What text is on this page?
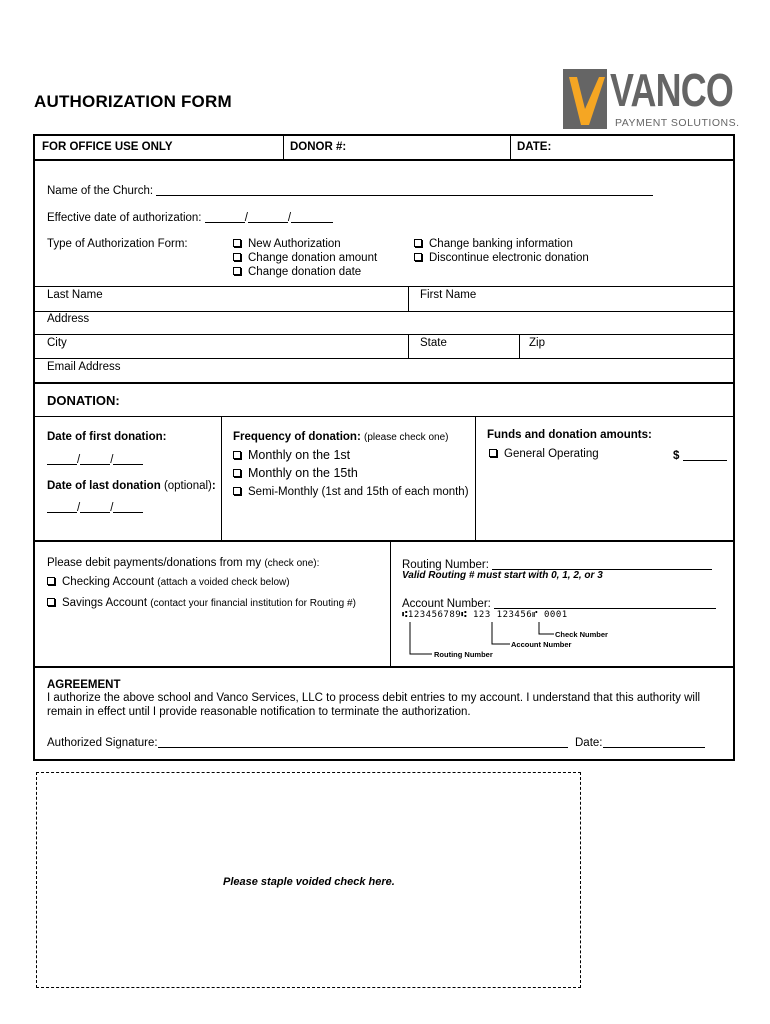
AUTHORIZATION FORM	VANCO
PAYMENT SOLUTIONS.
FOR OFFICE USE ONLY	DONOR #:	DATE:
Name of the Church:
Effective date of authorization:	/	/
Type of Authorization Form:	New Authorization
Change donation amount
Change donation date
Change banking information
Discontinue electronic donation
Last Name	First Name
Address
City	State	Zip
Email Address
DONATION:
Date of first donation:
/	/
Date of last donation (optional):
/	/
Frequency of donation: (please check one)
Monthly on the 1st
Monthly on the 15th
Semi-Monthly (1st and 15th of each month)
Funds and donation amounts:
General Operating	$
Please debit payments/donations from my (check one):
Checking Account (attach a voided check below)
Savings Account (contact your financial institution for Routing #)
Routing Number:
Valid Routing # must start with 0, 1, 2, or 3
Account Number:
⑆123456789⑆ 123 123456⑈ 0001
Check Number
Account Number
Routing Number
AGREEMENT
I authorize the above school and Vanco Services, LLC to process debit entries to my account. I understand that this authority will
remain in effect until I provide reasonable notification to terminate the authorization.
Authorized Signature:	Date:
Please staple voided check here.
